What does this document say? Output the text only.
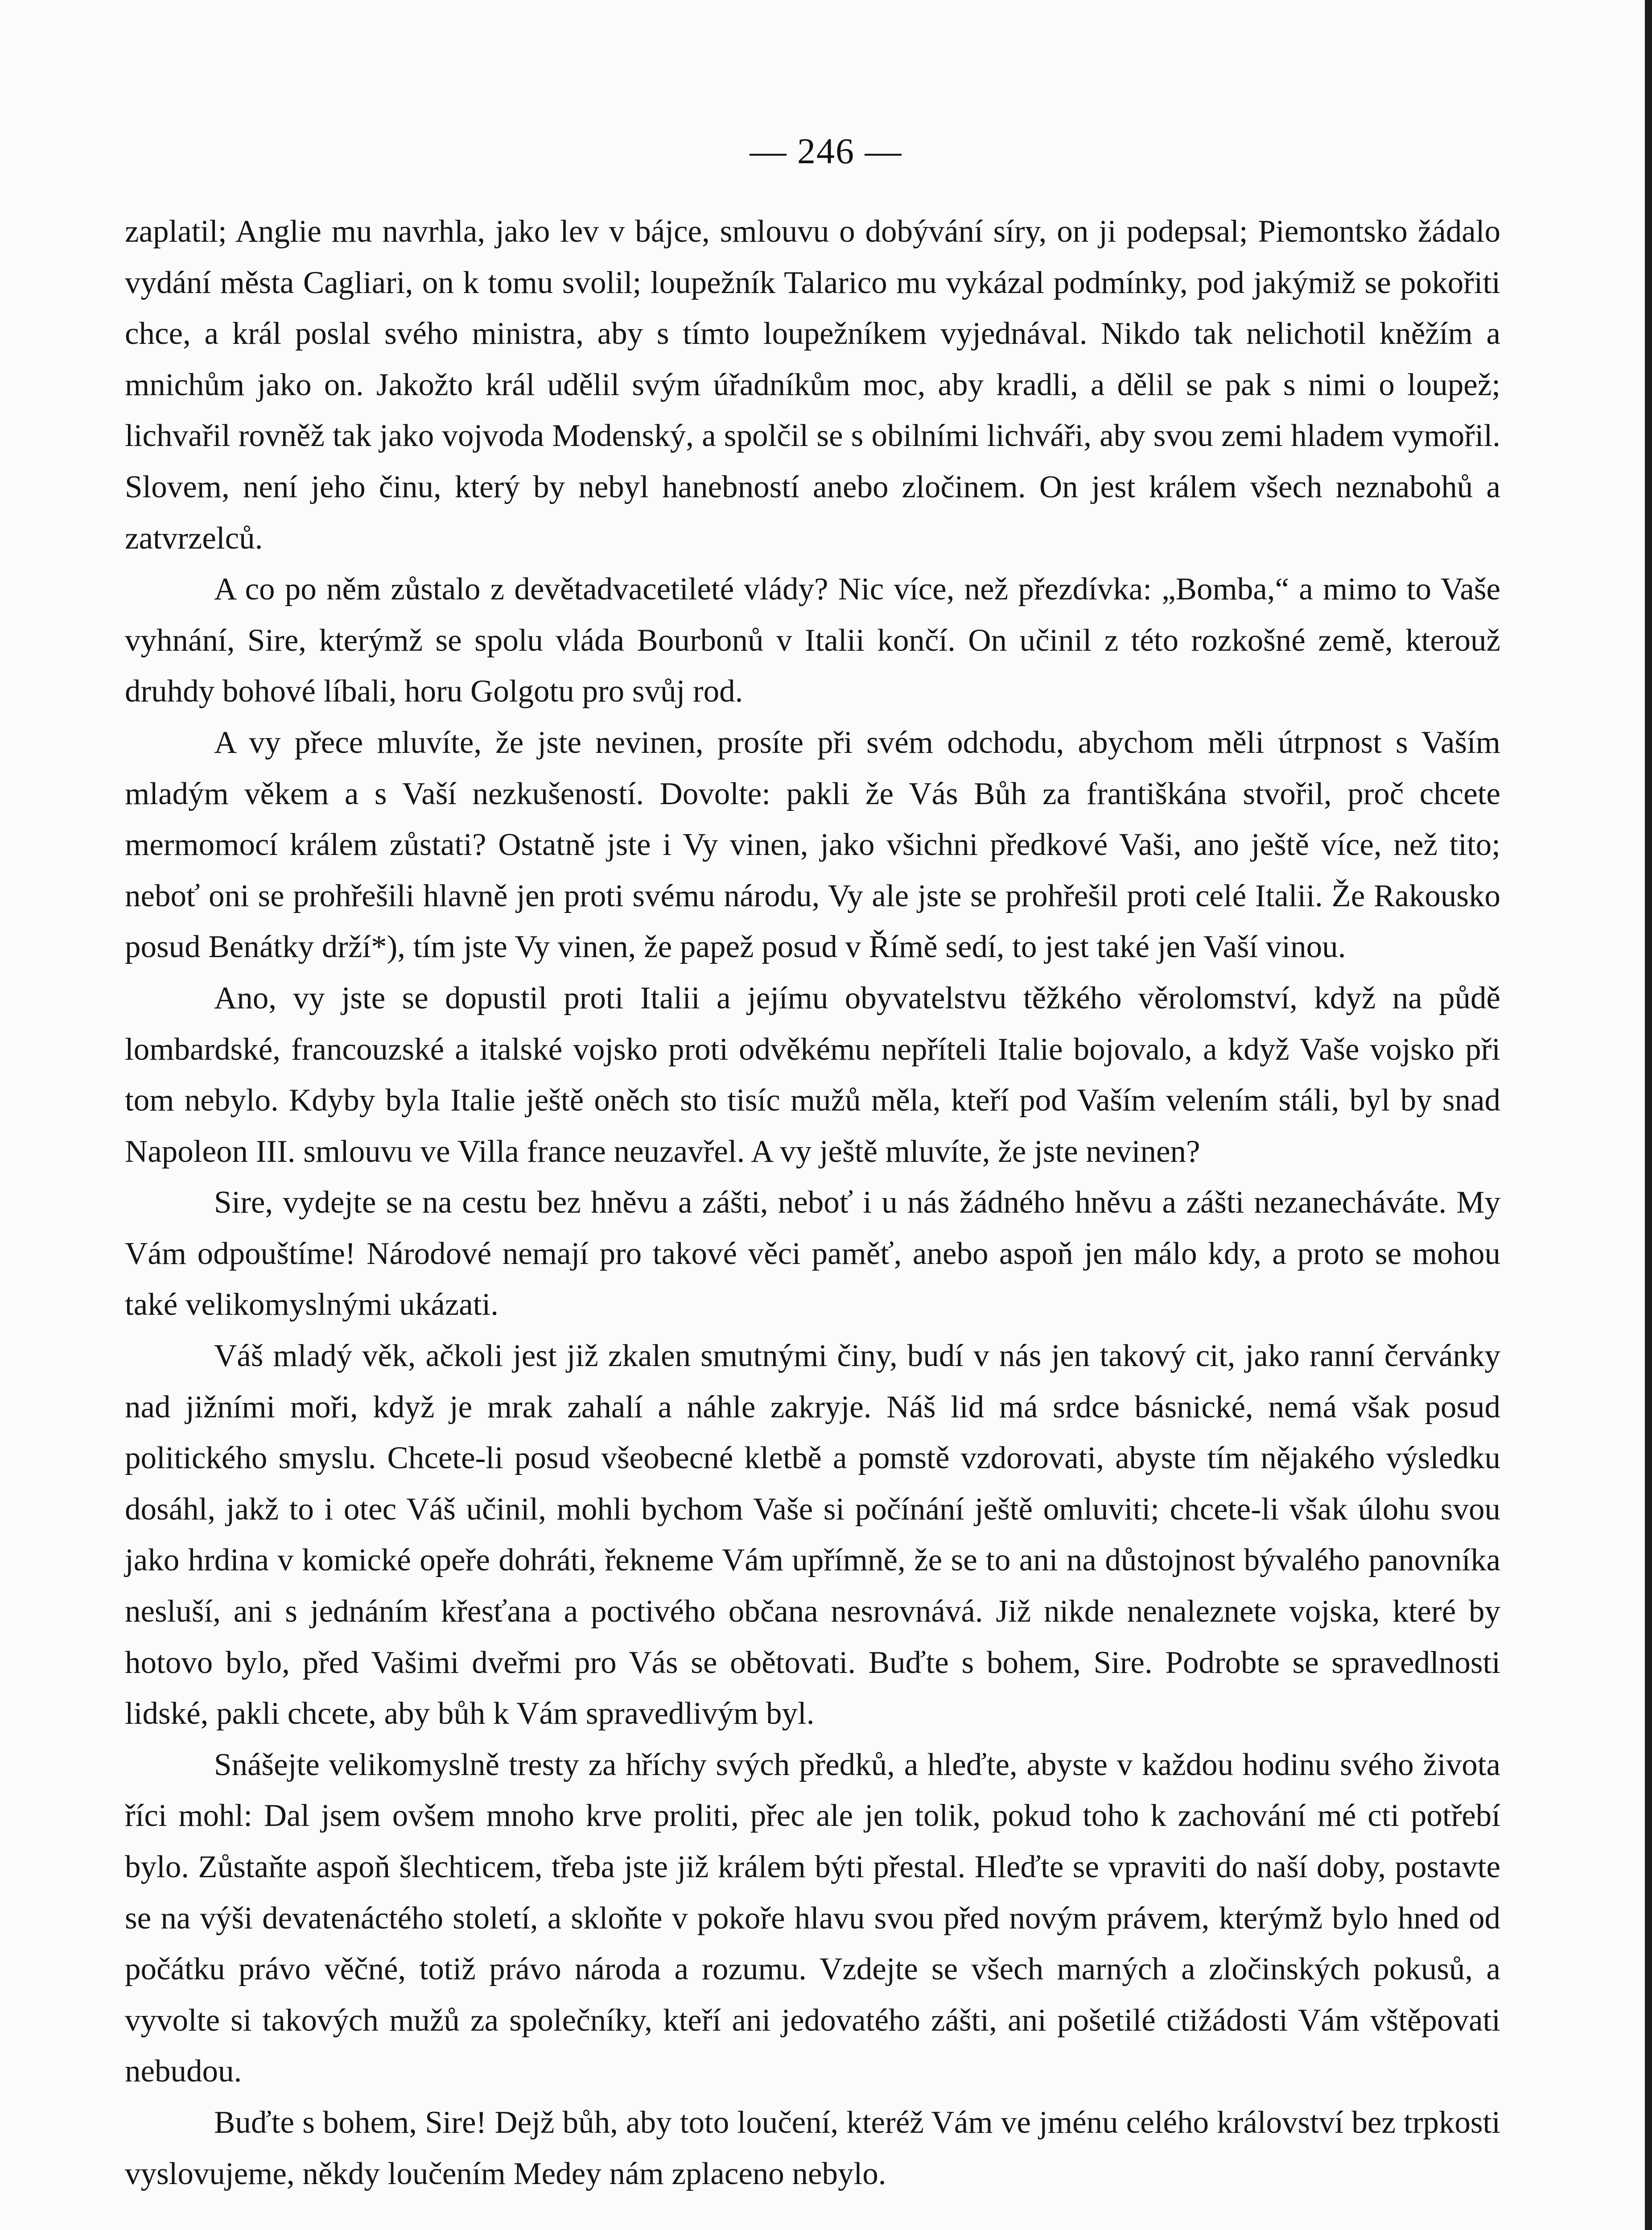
— 246 —

zaplatil; Anglie mu navrhla, jako lev v bájce, smlouvu o dobývání síry, on ji podepsal; Piemontsko žádalo vydání města Cagliari, on k tomu svolil; loupežník Talarico mu vykázal podmínky, pod jakýmiž se pokořiti chce, a král poslal svého ministra, aby s tímto loupežníkem vyjednával. Nikdo tak nelichotil kněžím a mnichům jako on. Jakožto král udělil svým úřadníkům moc, aby kradli, a dělil se pak s nimi o loupež; lichvařil rovněž tak jako vojvoda Modenský, a spolčil se s obilními lichváři, aby svou zemi hladem vymořil. Slovem, není jeho činu, který by nebyl hanebností anebo zločinem. On jest králem všech neznabohů a zatvrzelců.

A co po něm zůstalo z devětadvacetileté vlády? Nic více, než přezdívka: „Bomba,“ a mimo to Vaše vyhnání, Sire, kterýmž se spolu vláda Bourbonů v Italii končí. On učinil z této rozkošné země, kterouž druhdy bohové líbali, horu Golgotu pro svůj rod.

A vy přece mluvíte, že jste nevinen, prosíte při svém odchodu, abychom měli útrpnost s Vaším mladým věkem a s Vaší nezkušeností. Dovolte: pakli že Vás Bůh za františkána stvořil, proč chcete mermomocí králem zůstati? Ostatně jste i Vy vinen, jako všichni předkové Vaši, ano ještě více, než tito; neboť oni se prohřešili hlavně jen proti svému národu, Vy ale jste se prohřešil proti celé Italii. Že Rakousko posud Benátky drží*), tím jste Vy vinen, že papež posud v Římě sedí, to jest také jen Vaší vinou.

Ano, vy jste se dopustil proti Italii a jejímu obyvatelstvu těžkého věrolomství, když na půdě lombardské, francouzské a italské vojsko proti odvěkému nepříteli Italie bojovalo, a když Vaše vojsko při tom nebylo. Kdyby byla Italie ještě oněch sto tisíc mužů měla, kteří pod Vaším velením stáli, byl by snad Napoleon III. smlouvu ve Villa france neuzavřel. A vy ještě mluvíte, že jste nevinen?

Sire, vydejte se na cestu bez hněvu a zášti, neboť i u nás žádného hněvu a zášti nezanecháváte. My Vám odpouštíme! Národové nemají pro takové věci paměť, anebo aspoň jen málo kdy, a proto se mohou také velikomyslnými ukázati.

Váš mladý věk, ačkoli jest již zkalen smutnými činy, budí v nás jen takový cit, jako ranní červánky nad jižními moři, když je mrak zahalí a náhle zakryje. Náš lid má srdce básnické, nemá však posud politického smyslu. Chcete-li posud všeobecné kletbě a pomstě vzdorovati, abyste tím nějakého výsledku dosáhl, jakž to i otec Váš učinil, mohli bychom Vaše si počínání ještě omluviti; chcete-li však úlohu svou jako hrdina v komické opeře dohráti, řekneme Vám upřímně, že se to ani na důstojnost bývalého panovníka nesluší, ani s jednáním křesťana a poctivého občana nesrovnává. Již nikde nenaleznete vojska, které by hotovo bylo, před Vašimi dveřmi pro Vás se obětovati. Buďte s bohem, Sire. Podrobte se spravedlnosti lidské, pakli chcete, aby bůh k Vám spravedlivým byl.

Snášejte velikomyslně tresty za hříchy svých předků, a hleďte, abyste v každou hodinu svého života říci mohl: Dal jsem ovšem mnoho krve proliti, přec ale jen tolik, pokud toho k zachování mé cti potřebí bylo. Zůstaňte aspoň šlechticem, třeba jste již králem býti přestal. Hleďte se vpraviti do naší doby, postavte se na výši devatenáctého století, a skloňte v pokoře hlavu svou před novým právem, kterýmž bylo hned od počátku právo věčné, totiž právo národa a rozumu. Vzdejte se všech marných a zločinských pokusů, a vyvolte si takových mužů za společníky, kteří ani jedovatého zášti, ani pošetilé ctižádosti Vám vštěpovati nebudou.

Buďte s bohem, Sire! Dejž bůh, aby toto loučení, kteréž Vám ve jménu celého království bez trpkosti vyslovujeme, někdy loučením Medey nám zplaceno nebylo.
